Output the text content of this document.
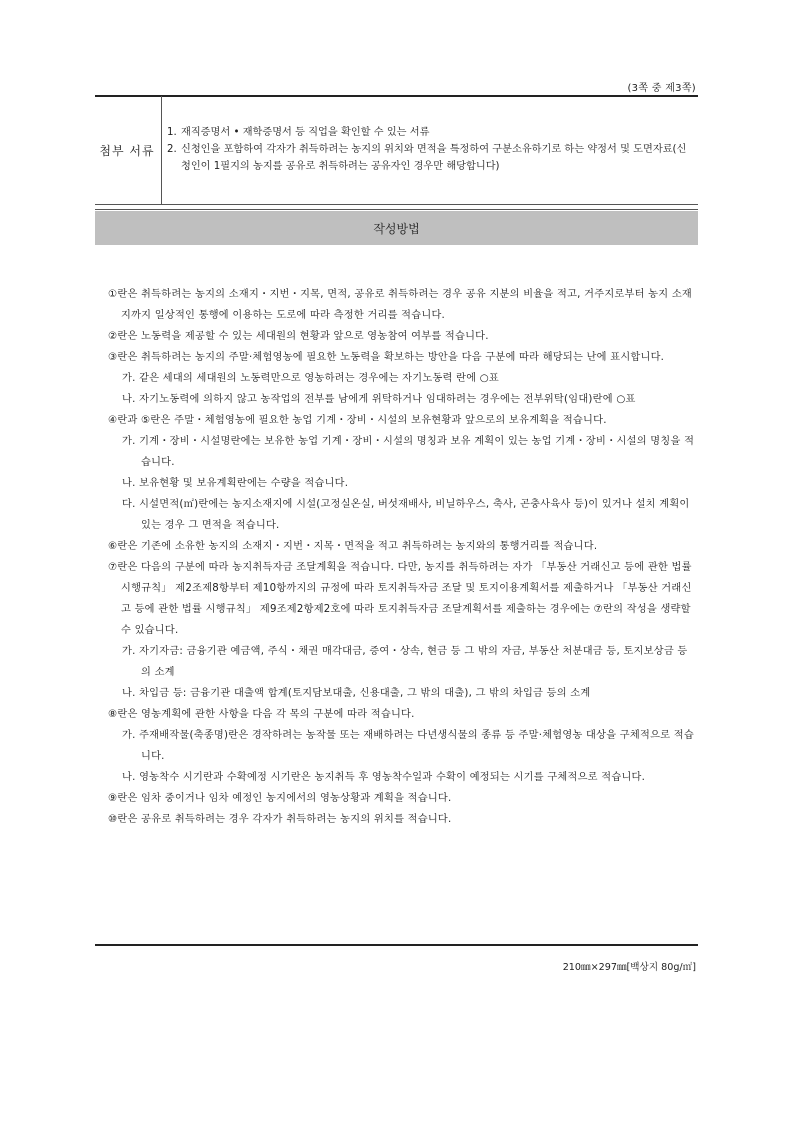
(3쪽 중 제3쪽)
첨부 서류
1. 재직증명서 • 재학증명서 등 직업을 확인할 수 있는 서류
2. 신청인을 포함하여 각자가 취득하려는 농지의 위치와 면적을 특정하여 구분소유하기로 하는 약정서 및 도면자료(신청인이 1필지의 농지를 공유로 취득하려는 공유자인 경우만 해당합니다)
작성방법

①란은 취득하려는 농지의 소재지・지번・지목, 면적, 공유로 취득하려는 경우 공유 지분의 비율을 적고, 거주지로부터 농지 소재지까지 일상적인 통행에 이용하는 도로에 따라 측정한 거리를 적습니다.

②란은 노동력을 제공할 수 있는 세대원의 현황과 앞으로 영농참여 여부를 적습니다.

③란은 취득하려는 농지의 주말·체험영농에 필요한 노동력을 확보하는 방안을 다음 구분에 따라 해당되는 난에 표시합니다.

가. 같은 세대의 세대원의 노동력만으로 영농하려는 경우에는 자기노동력 란에 ○표

나. 자기노동력에 의하지 않고 농작업의 전부를 남에게 위탁하거나 임대하려는 경우에는 전부위탁(임대)란에 ○표

④란과 ⑤란은 주말・체험영농에 필요한 농업 기계・장비・시설의 보유현황과 앞으로의 보유계획을 적습니다.

가. 기계・장비・시설명란에는 보유한 농업 기계・장비・시설의 명칭과 보유 계획이 있는 농업 기계・장비・시설의 명칭을 적습니다.

나. 보유현황 및 보유계획란에는 수량을 적습니다.

다. 시설면적(㎡)란에는 농지소재지에 시설(고정실온실, 버섯재배사, 비닐하우스, 축사, 곤충사육사 등)이 있거나 설치 계획이 있는 경우 그 면적을 적습니다.

⑥란은 기존에 소유한 농지의 소재지・지번・지목・면적을 적고 취득하려는 농지와의 통행거리를 적습니다.

⑦란은 다음의 구분에 따라 농지취득자금 조달계획을 적습니다. 다만, 농지를 취득하려는 자가 「부동산 거래신고 등에 관한 법률 시행규칙」 제2조제8항부터 제10항까지의 규정에 따라 토지취득자금 조달 및 토지이용계획서를 제출하거나 「부동산 거래신고 등에 관한 법률 시행규칙」 제9조제2항제2호에 따라 토지취득자금 조달계획서를 제출하는 경우에는 ⑦란의 작성을 생략할 수 있습니다.

가. 자기자금: 금융기관 예금액, 주식・채권 매각대금, 증여・상속, 현금 등 그 밖의 자금, 부동산 처분대금 등, 토지보상금 등의 소계

나. 차입금 등: 금융기관 대출액 합계(토지담보대출, 신용대출, 그 밖의 대출), 그 밖의 차입금 등의 소계

⑧란은 영농계획에 관한 사항을 다음 각 목의 구분에 따라 적습니다.

가. 주재배작물(축종명)란은 경작하려는 농작물 또는 재배하려는 다년생식물의 종류 등 주말·체험영농 대상을 구체적으로 적습니다.

나. 영농착수 시기란과 수확예정 시기란은 농지취득 후 영농착수일과 수확이 예정되는 시기를 구체적으로 적습니다.

⑨란은 임차 중이거나 임차 예정인 농지에서의 영농상황과 계획을 적습니다.

⑩란은 공유로 취득하려는 경우 각자가 취득하려는 농지의 위치를 적습니다.

210㎜×297㎜[백상지 80g/㎡]
